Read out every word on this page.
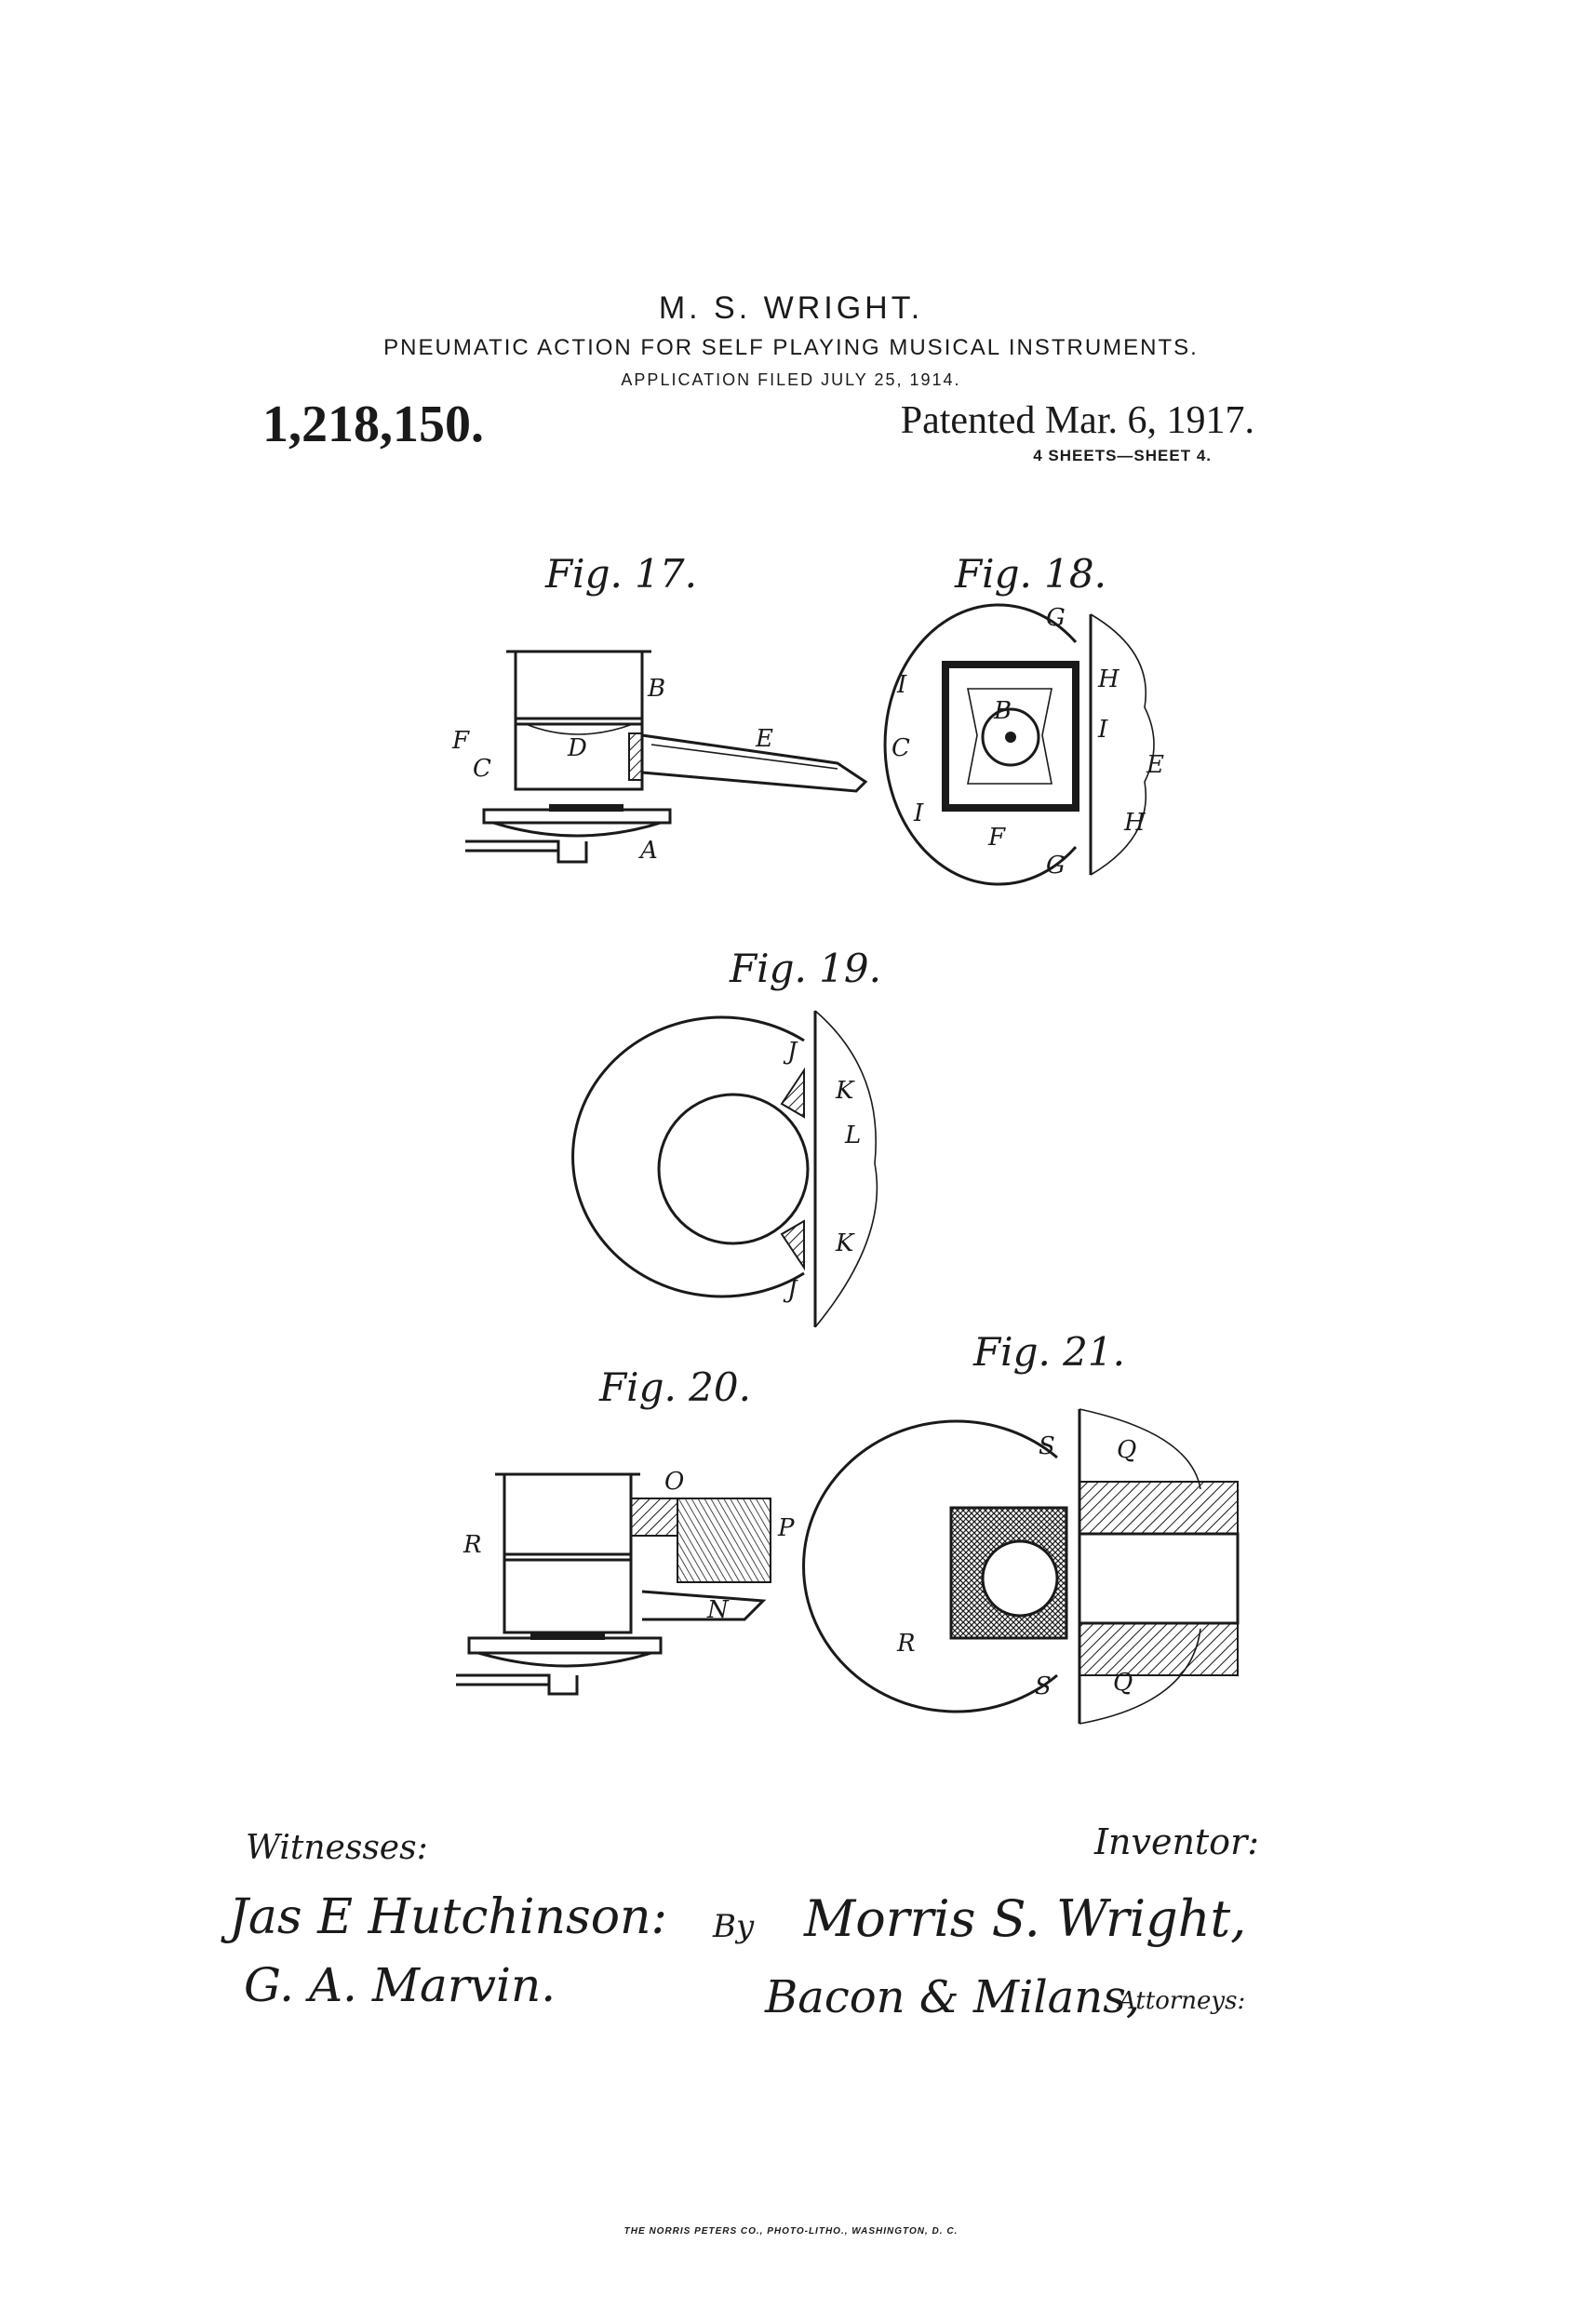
M. S. WRIGHT.
PNEUMATIC ACTION FOR SELF PLAYING MUSICAL INSTRUMENTS.
APPLICATION FILED JULY 25, 1914.
1,218,150.	Patented Mar. 6, 1917.
4 SHEETS—SHEET 4.
Fig. 17.	Fig. 18.
Fig. 19.
Fig. 20.
Fig. 21.
B
D	E
F
C
A
G
H
I
B
I
C
E
I
F
H
G
J
K
L
K
J
O
R
P
N
S	Q
R
S	Q
Witnesses:
Jas E Hutchinson:
G. A. Marvin.
Inventor:
By Morris S. Wright,
Bacon & Milans,
Attorneys:
THE NORRIS PETERS CO., PHOTO-LITHO., WASHINGTON, D. C.
